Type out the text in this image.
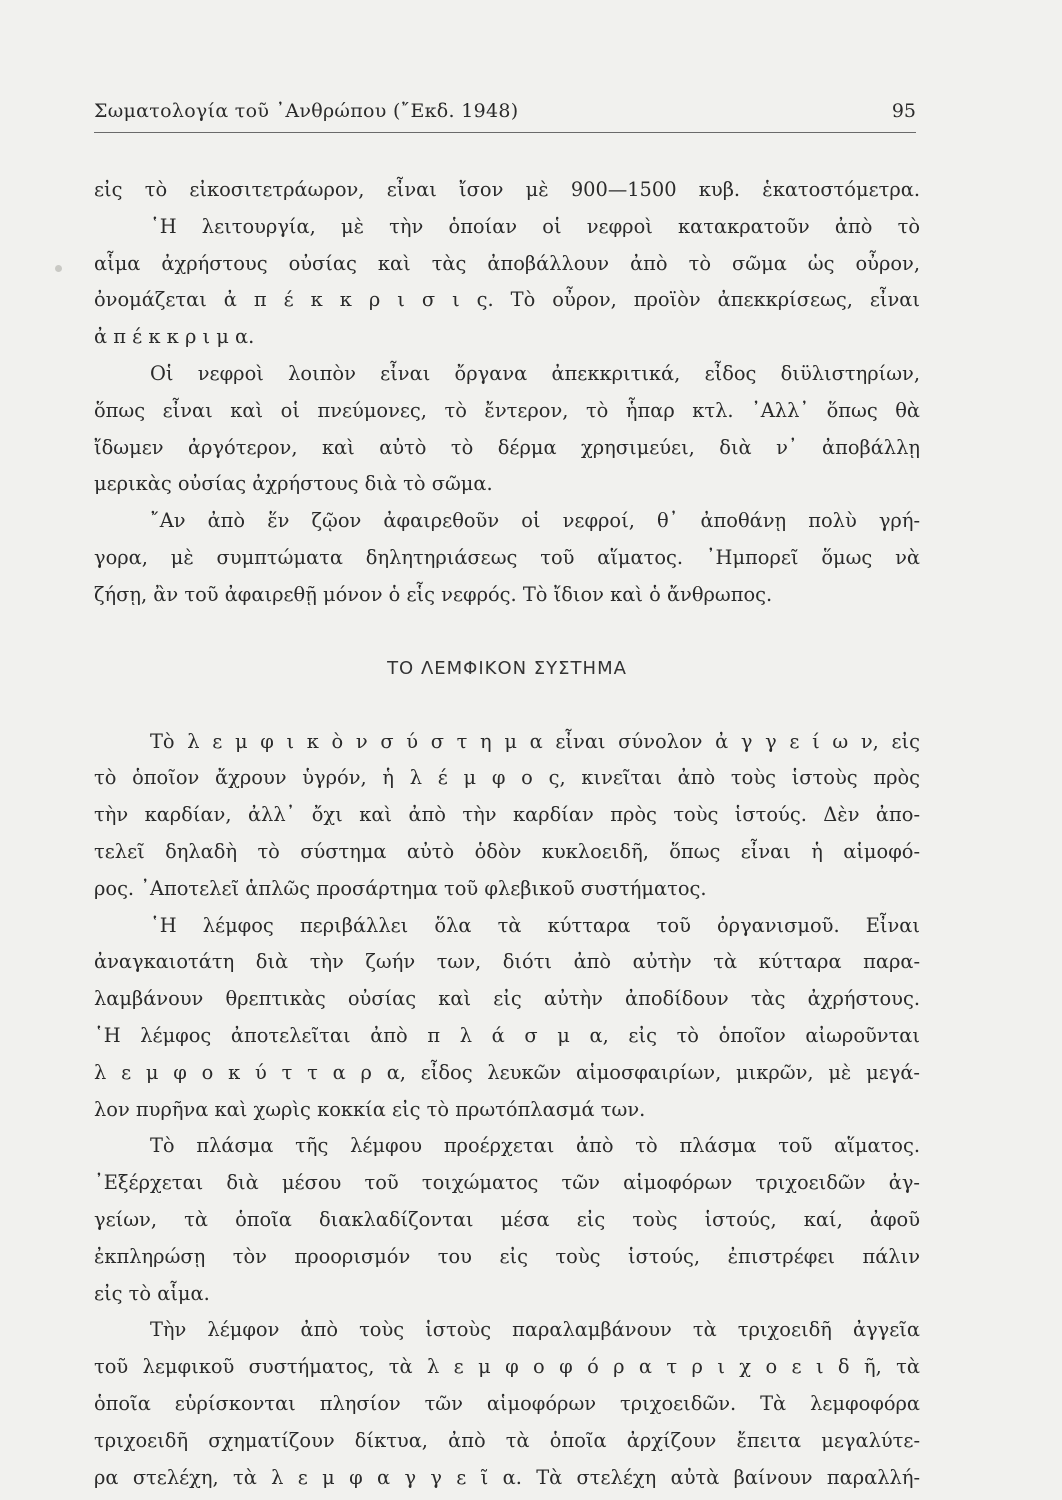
Σωματολογία τοῦ ᾿Ανθρώπου (῎Εκδ. 1948)	95
εἰς τὸ εἰκοσιτετράωρον, εἶναι ἴσον μὲ 900—1500 κυβ. ἑκατοστόμετρα.
῾Η λειτουργία, μὲ τὴν ὁποίαν οἱ νεφροὶ κατακρατοῦν ἀπὸ τὸ
αἷμα ἀχρήστους οὐσίας καὶ τὰς ἀποβάλλουν ἀπὸ τὸ σῶμα ὡς οὖρον,
ὀνομάζεται ἀ π έ κ κ ρ ι σ ι ς. Τὸ οὖρον, προϊὸν ἀπεκκρίσεως, εἶναι
ἀ π έ κ κ ρ ι μ α.
Οἱ νεφροὶ λοιπὸν εἶναι ὄργανα ἀπεκκριτικά, εἶδος διϋλιστηρίων,
ὅπως εἶναι καὶ οἱ πνεύμονες, τὸ ἔντερον, τὸ ἧπαρ κτλ. ᾿Αλλ᾿ ὅπως θὰ
ἴδωμεν ἀργότερον, καὶ αὐτὸ τὸ δέρμα χρησιμεύει, διὰ ν᾿ ἀποβάλλῃ
μερικὰς οὐσίας ἀχρήστους διὰ τὸ σῶμα.
῎Αν ἀπὸ ἕν ζῷον ἀφαιρεθοῦν οἱ νεφροί, θ᾿ ἀποθάνῃ πολὺ γρή-
γορα, μὲ συμπτώματα δηλητηριάσεως τοῦ αἵματος. ᾿Ημπορεῖ ὅμως νὰ
ζήσῃ, ἂν τοῦ ἀφαιρεθῇ μόνον ὁ εἷς νεφρός. Τὸ ἴδιον καὶ ὁ ἄνθρωπος.
ΤΟ ΛΕΜΦΙΚΟΝ ΣΥΣΤΗΜΑ
Τὸ λ ε μ φ ι κ ὸ ν σ ύ σ τ η μ α εἶναι σύνολον ἀ γ γ ε ί ω ν, εἰς
τὸ ὁποῖον ἄχρουν ὑγρόν, ἡ λ έ μ φ ο ς, κινεῖται ἀπὸ τοὺς ἱστοὺς πρὸς
τὴν καρδίαν, ἀλλ᾿ ὄχι καὶ ἀπὸ τὴν καρδίαν πρὸς τοὺς ἱστούς. Δὲν ἀπο-
τελεῖ δηλαδὴ τὸ σύστημα αὐτὸ ὁδὸν κυκλοειδῆ, ὅπως εἶναι ἡ αἱμοφό-
ρος. ᾿Αποτελεῖ ἁπλῶς προσάρτημα τοῦ φλεβικοῦ συστήματος.
῾Η λέμφος περιβάλλει ὅλα τὰ κύτταρα τοῦ ὀργανισμοῦ. Εἶναι
ἀναγκαιοτάτη διὰ τὴν ζωήν των, διότι ἀπὸ αὐτὴν τὰ κύτταρα παρα-
λαμβάνουν θρεπτικὰς οὐσίας καὶ εἰς αὐτὴν ἀποδίδουν τὰς ἀχρήστους.
῾Η λέμφος ἀποτελεῖται ἀπὸ π λ ά σ μ α, εἰς τὸ ὁποῖον αἰωροῦνται
λ ε μ φ ο κ ύ τ τ α ρ α, εἶδος λευκῶν αἱμοσφαιρίων, μικρῶν, μὲ μεγά-
λον πυρῆνα καὶ χωρὶς κοκκία εἰς τὸ πρωτόπλασμά των.
Τὸ πλάσμα τῆς λέμφου προέρχεται ἀπὸ τὸ πλάσμα τοῦ αἵματος.
᾿Εξέρχεται διὰ μέσου τοῦ τοιχώματος τῶν αἱμοφόρων τριχοειδῶν ἀγ-
γείων, τὰ ὁποῖα διακλαδίζονται μέσα εἰς τοὺς ἱστούς, καί, ἀφοῦ
ἐκπληρώσῃ τὸν προορισμόν του εἰς τοὺς ἱστούς, ἐπιστρέφει πάλιν
εἰς τὸ αἷμα.
Τὴν λέμφον ἀπὸ τοὺς ἱστοὺς παραλαμβάνουν τὰ τριχοειδῆ ἀγγεῖα
τοῦ λεμφικοῦ συστήματος, τὰ λ ε μ φ ο φ ό ρ α τ ρ ι χ ο ε ι δ ῆ, τὰ
ὁποῖα εὑρίσκονται πλησίον τῶν αἱμοφόρων τριχοειδῶν. Τὰ λεμφοφόρα
τριχοειδῆ σχηματίζουν δίκτυα, ἀπὸ τὰ ὁποῖα ἀρχίζουν ἔπειτα μεγαλύτε-
ρα στελέχη, τὰ λ ε μ φ α γ γ ε ῖ α. Τὰ στελέχη αὐτὰ βαίνουν παραλλή-
